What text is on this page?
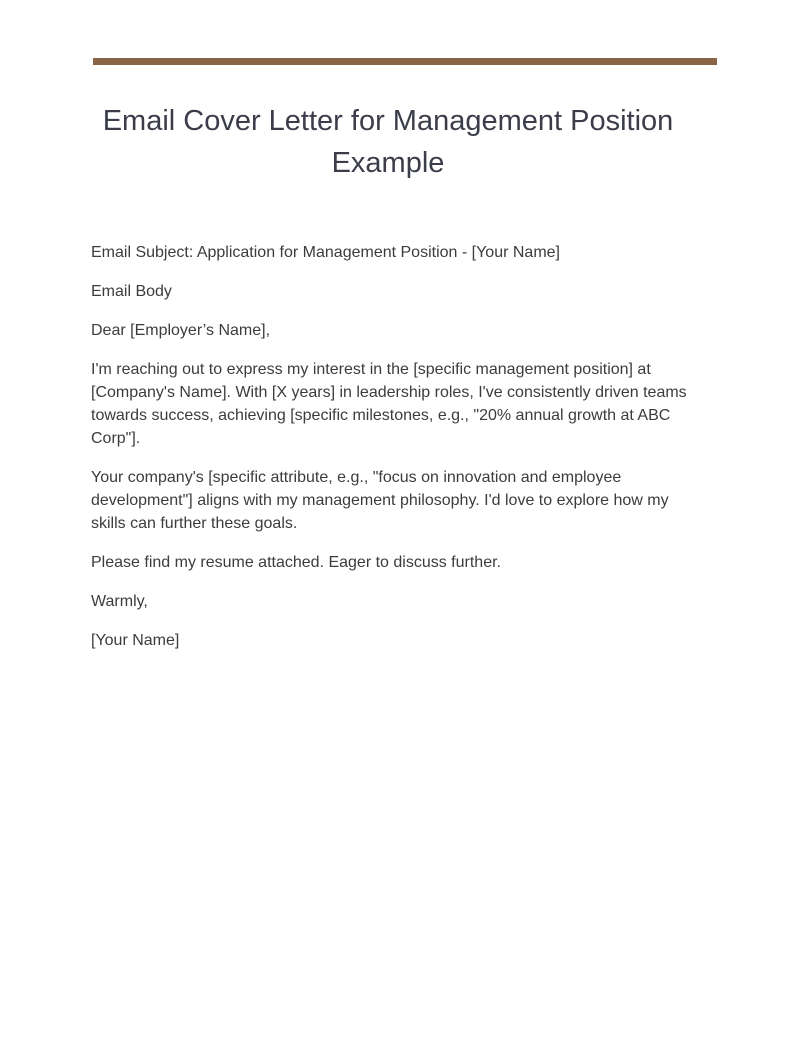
Email Cover Letter for Management Position Example

Email Subject: Application for Management Position - [Your Name]

Email Body

Dear [Employer’s Name],

I'm reaching out to express my interest in the [specific management position] at [Company's Name]. With [X years] in leadership roles, I've consistently driven teams towards success, achieving [specific milestones, e.g., "20% annual growth at ABC Corp"].

Your company's [specific attribute, e.g., "focus on innovation and employee development"] aligns with my management philosophy. I'd love to explore how my skills can further these goals.

Please find my resume attached. Eager to discuss further.

Warmly,

[Your Name]
